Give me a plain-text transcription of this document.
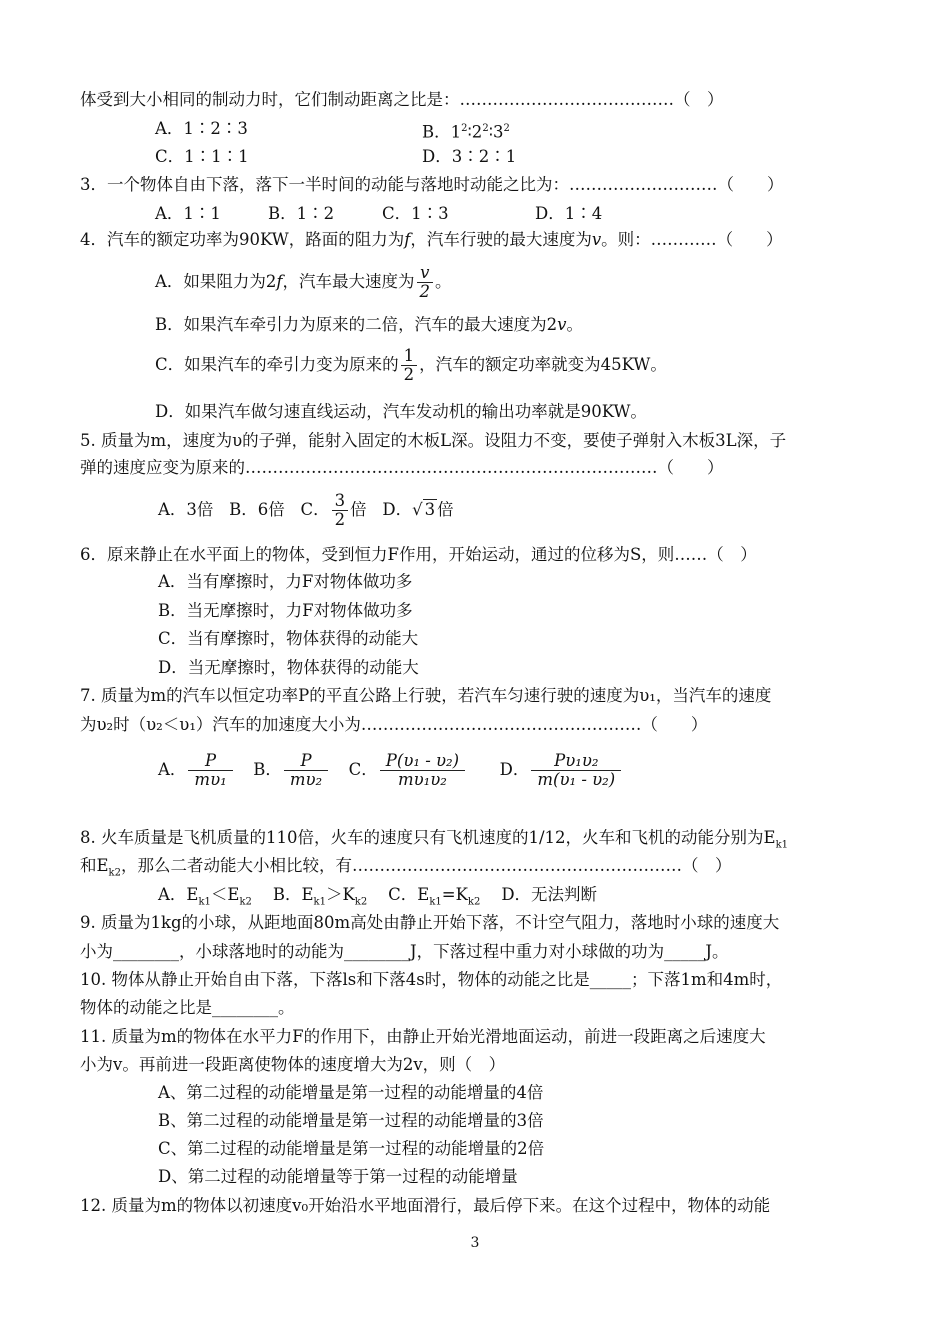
体受到大小相同的制动力时，它们制动距离之比是：…………………………………（　）
A．1∶2∶3	B．$1^2∶2^2∶3^2$
C．1∶1∶1	D．3∶2∶1
3．一个物体自由下落，落下一半时间的动能与落地时动能之比为：………………………（　　）
A．1∶1	B．1∶2	C．1∶3	D．1∶4
4．汽车的额定功率为90KW，路面的阻力为f，汽车行驶的最大速度为v。则：…………（　　）
A．如果阻力为2f，汽车最大速度为 $\frac{v}{2}$ 。
B．如果汽车牵引力为原来的二倍，汽车的最大速度为2v。
C．如果汽车的牵引力变为原来的 $\frac{1}{2}$ ，汽车的额定功率就变为45KW。
D．如果汽车做匀速直线运动，汽车发动机的输出功率就是90KW。
5. 质量为m，速度为υ的子弹，能射入固定的木板L深。设阻力不变，要使子弹射入木板3L深，子
弹的速度应变为原来的…………………………………………………………………（　　）
A．3倍 B．6倍 C． $\frac{3}{2}$ 倍 D．√ 3 倍
6．原来静止在水平面上的物体，受到恒力F作用，开始运动，通过的位移为S，则……（　）
A．当有摩擦时，力F对物体做功多
B．当无摩擦时，力F对物体做功多
C．当有摩擦时，物体获得的动能大
D．当无摩擦时，物体获得的动能大
7. 质量为m的汽车以恒定功率P的平直公路上行驶，若汽车匀速行驶的速度为υ₁，当汽车的速度
为υ₂时（υ₂＜υ₁）汽车的加速度大小为……………………………………………（　　）
A． $\frac{P}{\text{mυ₁}}$ B． $\frac{P}{\text{mυ₂}}$ C． $\frac{\text{P(υ₁ - υ₂)}}{\text{mυ₁υ₂}}$ D． $\frac{\text{Pυ₁υ₂}}{\text{m(υ₁ - υ₂)}}$
8. 火车质量是飞机质量的110倍，火车的速度只有飞机速度的1/12，火车和飞机的动能分别为$E_{k1}$
和$E_{k2}$，那么二者动能大小相比较，有……………………………………………………（　）
A．$E_{k1}<E_{k2}$ B．$E_{k1}>K_{k2}$ C．$E_{k1}=K_{k2}$ D．无法判断
9. 质量为1kg的小球，从距地面80m高处由静止开始下落，不计空气阻力，落地时小球的速度大
小为________，小球落地时的动能为________J，下落过程中重力对小球做的功为_____J。
10. 物体从静止开始自由下落，下落ls和下落4s时，物体的动能之比是_____；下落1m和4m时，
物体的动能之比是________。
11. 质量为m的物体在水平力F的作用下，由静止开始光滑地面运动，前进一段距离之后速度大
小为v。再前进一段距离使物体的速度增大为2v，则（　）
A、第二过程的动能增量是第一过程的动能增量的4倍
B、第二过程的动能增量是第一过程的动能增量的3倍
C、第二过程的动能增量是第一过程的动能增量的2倍
D、第二过程的动能增量等于第一过程的动能增量
12. 质量为m的物体以初速度v₀开始沿水平地面滑行，最后停下来。在这个过程中，物体的动能
3
